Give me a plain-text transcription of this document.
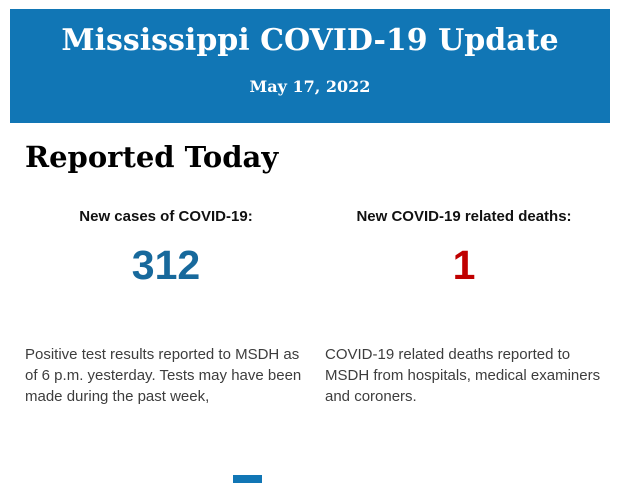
Mississippi COVID-19 Update
May 17, 2022
Reported Today
New cases of COVID-19:
312
Positive test results reported to MSDH as of 6 p.m. yesterday. Tests may have been made during the past week,
New COVID-19 related deaths:
1
COVID-19 related deaths reported to MSDH from hospitals, medical examiners and coroners.
